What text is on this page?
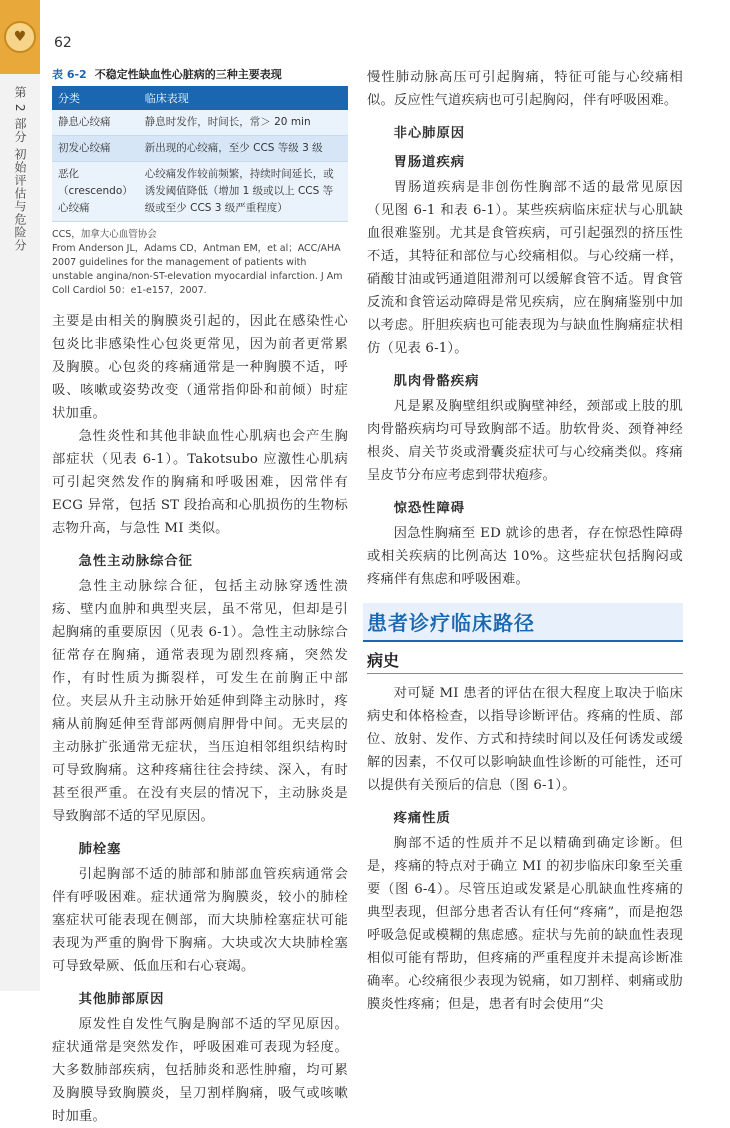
♥
第 2 部分 初始评估与危险分
62
表 6-2 不稳定性缺血性心脏病的三种主要表现
分类	临床表现
静息心绞痛	静息时发作，时间长，常＞ 20 min
初发心绞痛	新出现的心绞痛，至少 CCS 等级 3 级
恶化（crescendo）心绞痛	心绞痛发作较前频繁，持续时间延长，或诱发阈值降低（增加 1 级或以上 CCS 等级或至少 CCS 3 级严重程度）
CCS，加拿大心血管协会
From Anderson JL，Adams CD，Antman EM，et al；ACC/AHA 2007 guidelines for the management of patients with unstable angina/non-ST-elevation myocardial infarction. J Am Coll Cardiol 50：e1-e157，2007.

主要是由相关的胸膜炎引起的，因此在感染性心包炎比非感染性心包炎更常见，因为前者更常累及胸膜。心包炎的疼痛通常是一种胸膜不适，呼吸、咳嗽或姿势改变（通常指仰卧和前倾）时症状加重。

急性炎性和其他非缺血性心肌病也会产生胸部症状（见表 6-1）。Takotsubo 应激性心肌病可引起突然发作的胸痛和呼吸困难，因常伴有 ECG 异常，包括 ST 段抬高和心肌损伤的生物标志物升高，与急性 MI 类似。

急性主动脉综合征

急性主动脉综合征，包括主动脉穿透性溃疡、壁内血肿和典型夹层，虽不常见，但却是引起胸痛的重要原因（见表 6-1）。急性主动脉综合征常存在胸痛，通常表现为剧烈疼痛，突然发作，有时性质为撕裂样，可发生在前胸正中部位。夹层从升主动脉开始延伸到降主动脉时，疼痛从前胸延伸至背部两侧肩胛骨中间。无夹层的主动脉扩张通常无症状，当压迫相邻组织结构时可导致胸痛。这种疼痛往往会持续、深入，有时甚至很严重。在没有夹层的情况下，主动脉炎是导致胸部不适的罕见原因。

肺栓塞

引起胸部不适的肺部和肺部血管疾病通常会伴有呼吸困难。症状通常为胸膜炎，较小的肺栓塞症状可能表现在侧部，而大块肺栓塞症状可能表现为严重的胸骨下胸痛。大块或次大块肺栓塞可导致晕厥、低血压和右心衰竭。

其他肺部原因

原发性自发性气胸是胸部不适的罕见原因。症状通常是突然发作，呼吸困难可表现为轻度。大多数肺部疾病，包括肺炎和恶性肿瘤，均可累及胸膜导致胸膜炎，呈刀割样胸痛，吸气或咳嗽时加重。

慢性肺动脉高压可引起胸痛，特征可能与心绞痛相似。反应性气道疾病也可引起胸闷，伴有呼吸困难。

非心肺原因
胃肠道疾病

胃肠道疾病是非创伤性胸部不适的最常见原因（见图 6-1 和表 6-1）。某些疾病临床症状与心肌缺血很难鉴别。尤其是食管疾病，可引起强烈的挤压性不适，其特征和部位与心绞痛相似。与心绞痛一样，硝酸甘油或钙通道阻滞剂可以缓解食管不适。胃食管反流和食管运动障碍是常见疾病，应在胸痛鉴别中加以考虑。肝胆疾病也可能表现为与缺血性胸痛症状相仿（见表 6-1）。

肌肉骨骼疾病

凡是累及胸壁组织或胸壁神经，颈部或上肢的肌肉骨骼疾病均可导致胸部不适。肋软骨炎、颈脊神经根炎、肩关节炎或滑囊炎症状可与心绞痛类似。疼痛呈皮节分布应考虑到带状疱疹。

惊恐性障碍

因急性胸痛至 ED 就诊的患者，存在惊恐性障碍或相关疾病的比例高达 10%。这些症状包括胸闷或疼痛伴有焦虑和呼吸困难。

患者诊疗临床路径
病史

对可疑 MI 患者的评估在很大程度上取决于临床病史和体格检查，以指导诊断评估。疼痛的性质、部位、放射、发作、方式和持续时间以及任何诱发或缓解的因素，不仅可以影响缺血性诊断的可能性，还可以提供有关预后的信息（图 6-1）。

疼痛性质

胸部不适的性质并不足以精确到确定诊断。但是，疼痛的特点对于确立 MI 的初步临床印象至关重要（图 6-4）。尽管压迫或发紧是心肌缺血性疼痛的典型表现，但部分患者否认有任何“疼痛”，而是抱怨呼吸急促或模糊的焦虑感。症状与先前的缺血性表现相似可能有帮助，但疼痛的严重程度并未提高诊断准确率。心绞痛很少表现为锐痛，如刀割样、刺痛或肋膜炎性疼痛；但是，患者有时会使用“尖
